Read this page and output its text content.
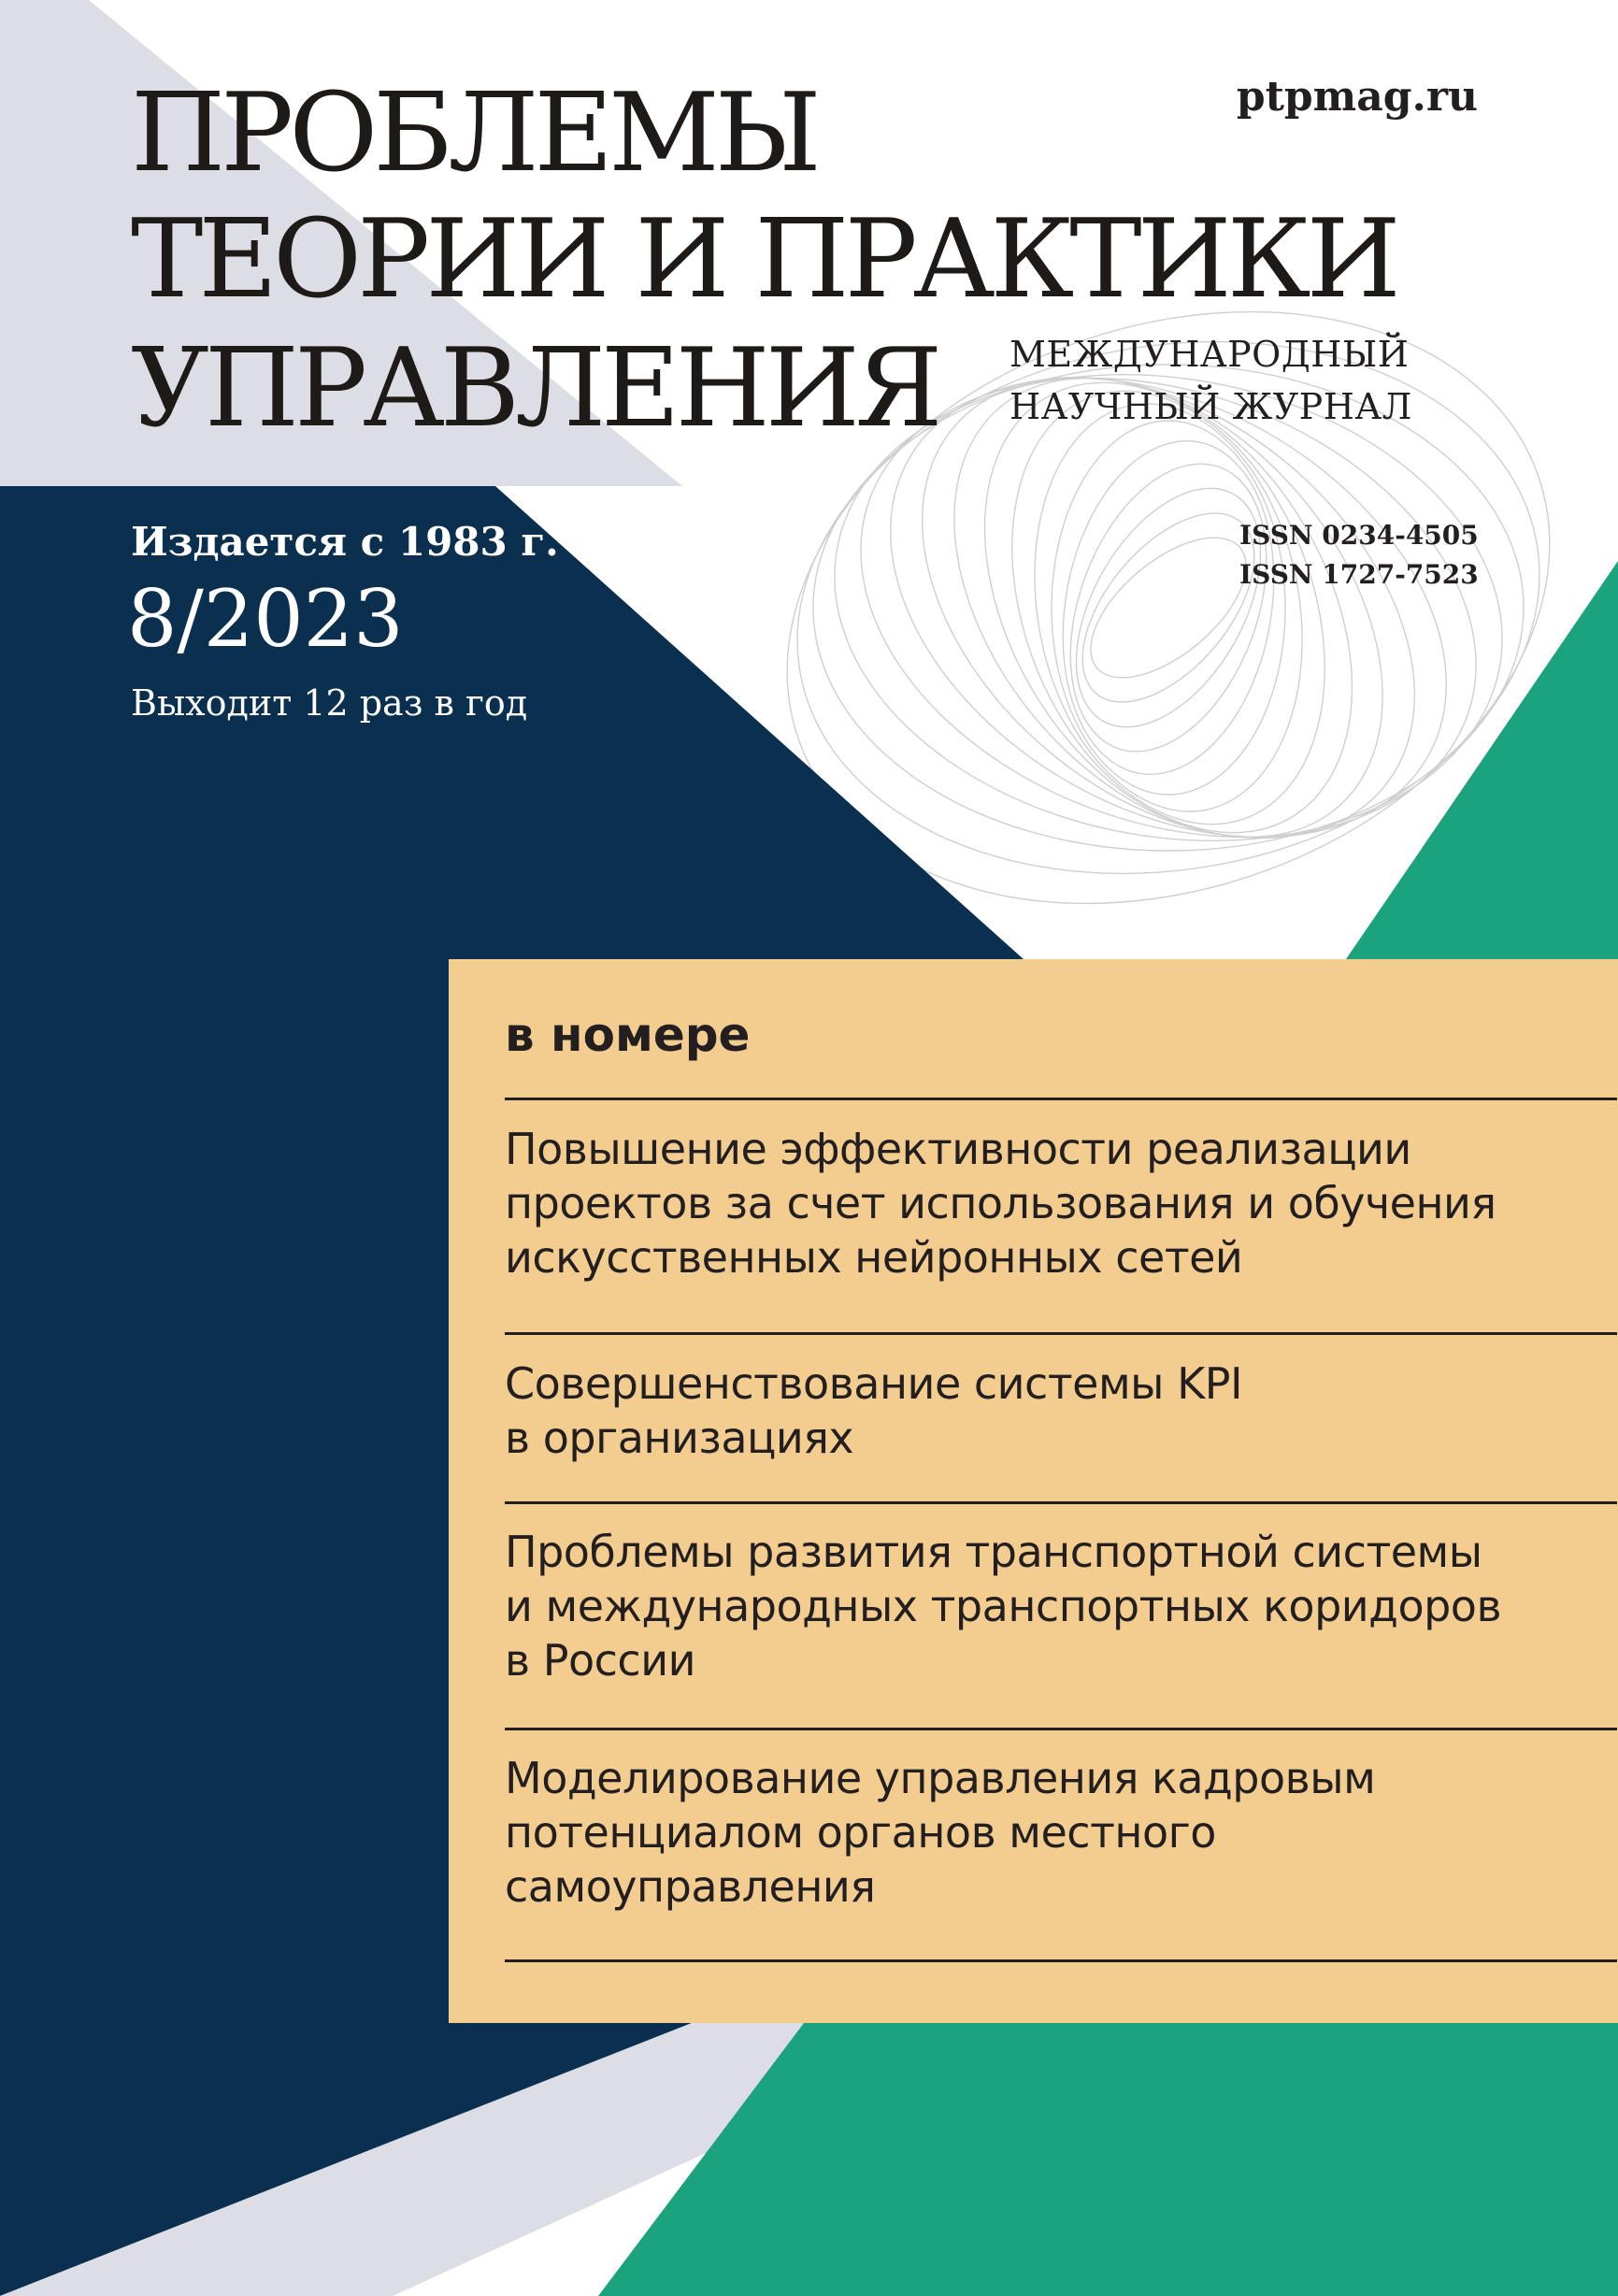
ПРОБЛЕМЫ
ТЕОРИИ И ПРАКТИКИ
УПРАВЛЕНИЯ МЕЖДУНАРОДНЫЙ
НАУЧНЫЙ ЖУРНАЛ
ptpmag.ru
Издается с 1983 г.
8/2023
Выходит 12 раз в год
ISSN 0234-4505
ISSN 1727-7523
в номере
Повышение эффективности реализации
проектов за счет использования и обучения
искусственных нейронных сетей
Совершенствование системы KPI
в организациях
Проблемы развития транспортной системы
и международных транспортных коридоров
в России
Моделирование управления кадровым
потенциалом органов местного
самоуправления
